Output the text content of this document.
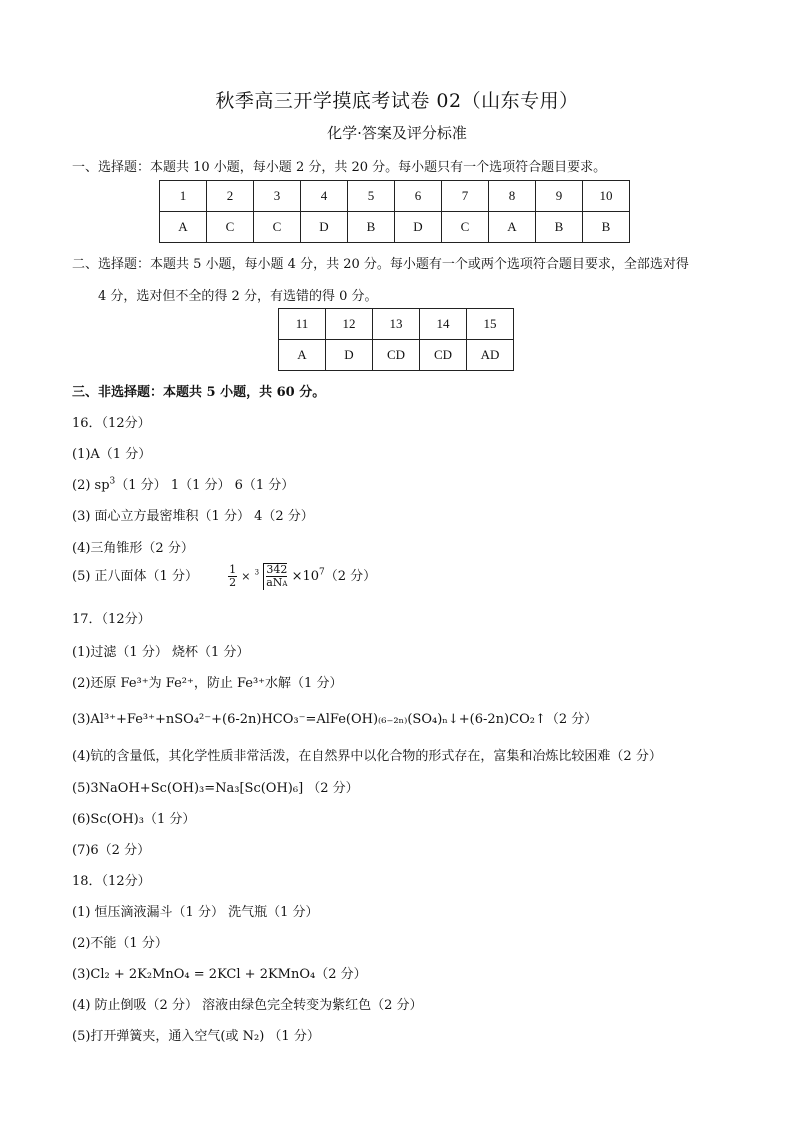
秋季高三开学摸底考试卷 02（山东专用）
化学·答案及评分标准
一、选择题：本题共 10 小题，每小题 2 分，共 20 分。每小题只有一个选项符合题目要求。
1	2	3	4	5	6	7	8	9	10
A	C	C	D	B	D	C	A	B	B
二、选择题：本题共 5 小题，每小题 4 分，共 20 分。每小题有一个或两个选项符合题目要求，全部选对得
4 分，选对但不全的得 2 分，有选错的得 0 分。
11	12	13	14	15
A	D	CD	CD	AD
三、非选择题：本题共 5 小题，共 60 分。
16．（12分）
(1)A（1 分）
(2) $sp^3(1$ 分） 1（1 分） 6（1 分）
(3) 面心立方最密堆积（1 分） 4（2 分）
(4)三角锥形（2 分）
(5) 正八面体（1 分）	$\frac{1}{2} \times ^3$ 342
aNA $\times 10^7(2$ 分）
17．（12分）
(1)过滤（1 分） 烧杯（1 分）
(2)还原 Fe³⁺为 Fe²⁺，防止 Fe³⁺水解（1 分）
(3)Al³⁺+Fe³⁺+nSO₄²⁻+(6-2n)HCO₃⁻=AlFe(OH)₍₆₋₂ₙ₎(SO₄)ₙ↓+(6-2n)CO₂↑（2 分）
(4)钪的含量低，其化学性质非常活泼，在自然界中以化合物的形式存在，富集和冶炼比较困难（2 分）
(5)3NaOH+Sc(OH)₃=Na₃[Sc(OH)₆] （2 分）
(6)Sc(OH)₃（1 分）
(7)6（2 分）
18．（12分）
(1) 恒压滴液漏斗（1 分） 洗气瓶（1 分）
(2)不能（1 分）
(3)Cl₂ + 2K₂MnO₄ = 2KCl + 2KMnO₄（2 分）
(4) 防止倒吸（2 分） 溶液由绿色完全转变为紫红色（2 分）
(5)打开弹簧夹，通入空气(或 N₂) （1 分）
